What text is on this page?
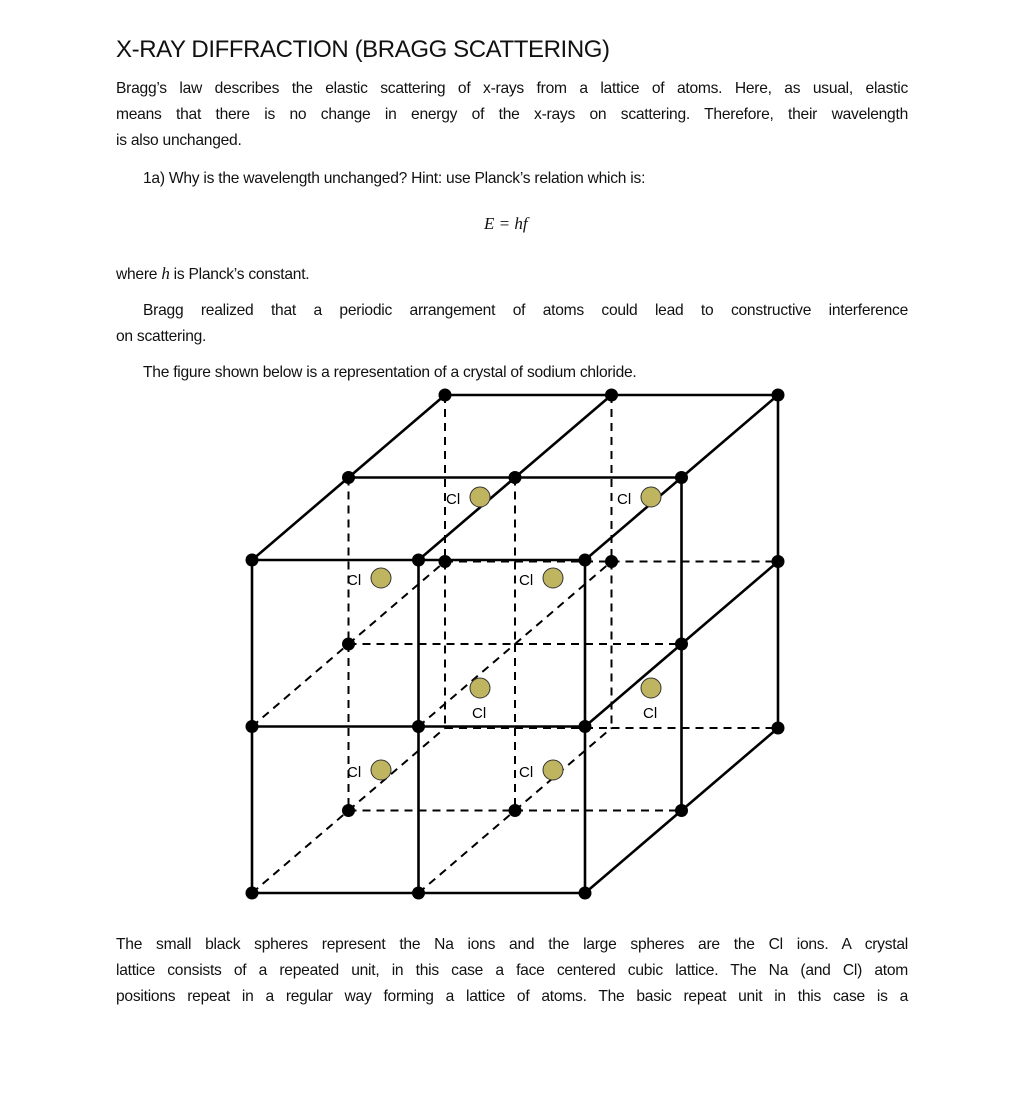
X-RAY DIFFRACTION (BRAGG SCATTERING)
Bragg’s law describes the elastic scattering of x-rays from a lattice of atoms. Here, as usual, elastic
means that there is no change in energy of the x-rays on scattering. Therefore, their wavelength
is also unchanged.
1a) Why is the wavelength unchanged? Hint: use Planck’s relation which is:
E = hf
where h is Planck’s constant.
Bragg realized that a periodic arrangement of atoms could lead to constructive interference
on scattering.
The figure shown below is a representation of a crystal of sodium chloride.
Cl	Cl
Cl	Cl
Cl	Cl
Cl	Cl
The small black spheres represent the Na ions and the large spheres are the Cl ions. A crystal
lattice consists of a repeated unit, in this case a face centered cubic lattice. The Na (and Cl) atom
positions repeat in a regular way forming a lattice of atoms. The basic repeat unit in this case is a
